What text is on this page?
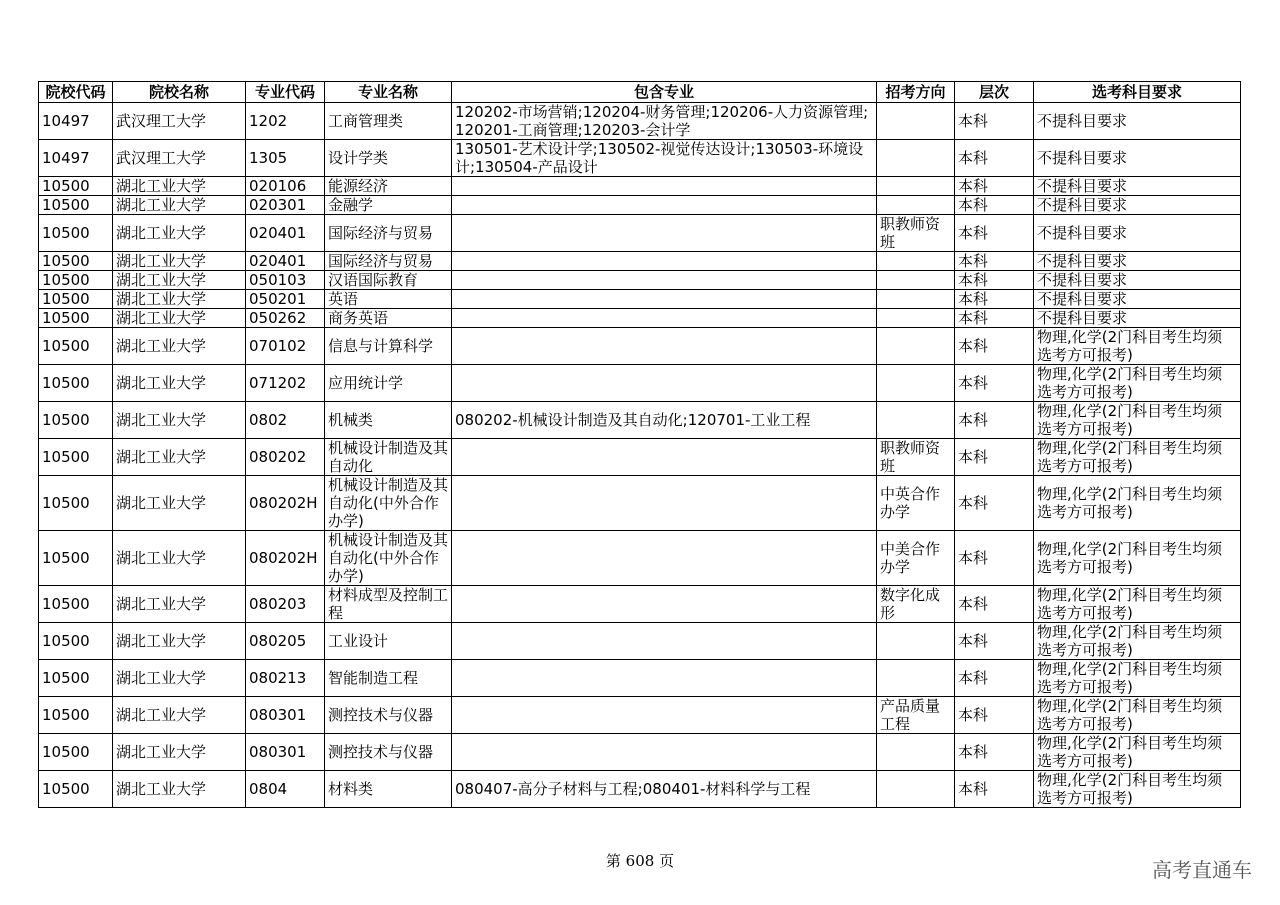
院校代码	院校名称	专业代码	专业名称	包含专业	招考方向	层次	选考科目要求
10497	武汉理工大学	1202	工商管理类	120202-市场营销;120204-财务管理;120206-人力资源管理;120201-工商管理;120203-会计学		本科	不提科目要求
10497	武汉理工大学	1305	设计学类	130501-艺术设计学;130502-视觉传达设计;130503-环境设计;130504-产品设计		本科	不提科目要求
10500	湖北工业大学	020106	能源经济			本科	不提科目要求
10500	湖北工业大学	020301	金融学			本科	不提科目要求
10500	湖北工业大学	020401	国际经济与贸易		职教师资班	本科	不提科目要求
10500	湖北工业大学	020401	国际经济与贸易			本科	不提科目要求
10500	湖北工业大学	050103	汉语国际教育			本科	不提科目要求
10500	湖北工业大学	050201	英语			本科	不提科目要求
10500	湖北工业大学	050262	商务英语			本科	不提科目要求
10500	湖北工业大学	070102	信息与计算科学			本科	物理,化学(2门科目考生均须选考方可报考)
10500	湖北工业大学	071202	应用统计学			本科	物理,化学(2门科目考生均须选考方可报考)
10500	湖北工业大学	0802	机械类	080202-机械设计制造及其自动化;120701-工业工程		本科	物理,化学(2门科目考生均须选考方可报考)
10500	湖北工业大学	080202	机械设计制造及其自动化		职教师资班	本科	物理,化学(2门科目考生均须选考方可报考)
10500	湖北工业大学	080202H	机械设计制造及其自动化(中外合作办学)		中英合作办学	本科	物理,化学(2门科目考生均须选考方可报考)
10500	湖北工业大学	080202H	机械设计制造及其自动化(中外合作办学)		中美合作办学	本科	物理,化学(2门科目考生均须选考方可报考)
10500	湖北工业大学	080203	材料成型及控制工程		数字化成形	本科	物理,化学(2门科目考生均须选考方可报考)
10500	湖北工业大学	080205	工业设计			本科	物理,化学(2门科目考生均须选考方可报考)
10500	湖北工业大学	080213	智能制造工程			本科	物理,化学(2门科目考生均须选考方可报考)
10500	湖北工业大学	080301	测控技术与仪器		产品质量工程	本科	物理,化学(2门科目考生均须选考方可报考)
10500	湖北工业大学	080301	测控技术与仪器			本科	物理,化学(2门科目考生均须选考方可报考)
10500	湖北工业大学	0804	材料类	080407-高分子材料与工程;080401-材料科学与工程		本科	物理,化学(2门科目考生均须选考方可报考)
第 608 页	高考直通车
